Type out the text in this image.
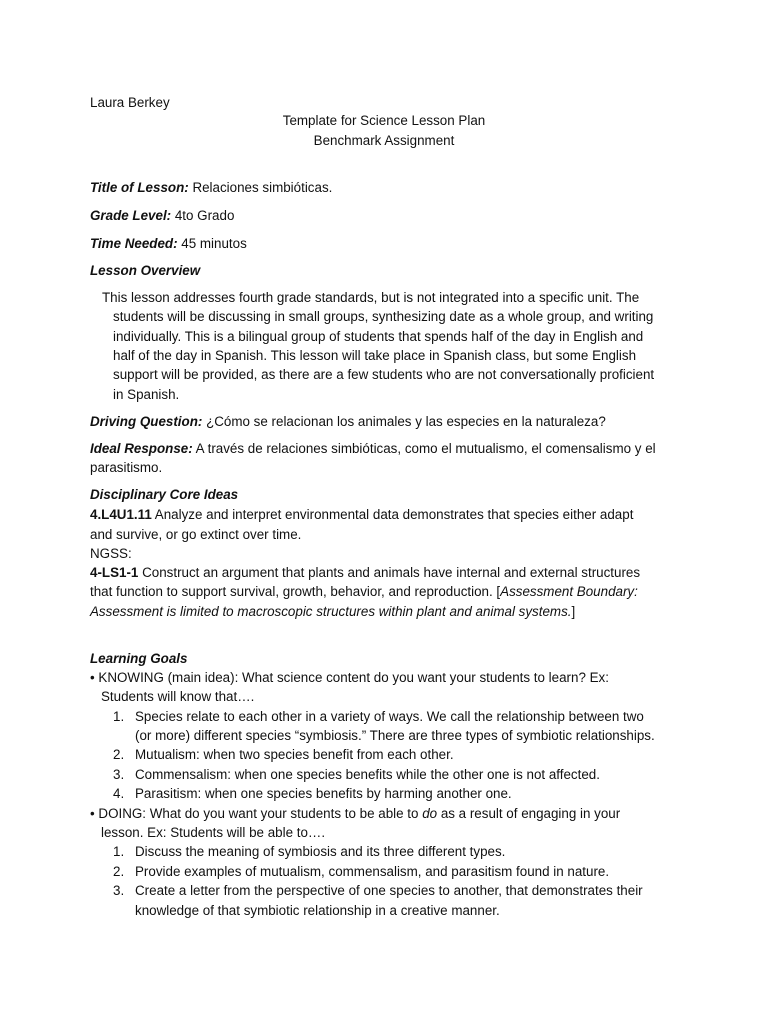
Laura Berkey
Template for Science Lesson Plan
Benchmark Assignment
Title of Lesson: Relaciones simbióticas.
Grade Level: 4to Grado
Time Needed: 45 minutos
Lesson Overview
This lesson addresses fourth grade standards, but is not integrated into a specific unit. The
students will be discussing in small groups, synthesizing date as a whole group, and writing
individually. This is a bilingual group of students that spends half of the day in English and
half of the day in Spanish. This lesson will take place in Spanish class, but some English
support will be provided, as there are a few students who are not conversationally proficient
in Spanish.
Driving Question: ¿Cómo se relacionan los animales y las especies en la naturaleza?
Ideal Response: A través de relaciones simbióticas, como el mutualismo, el comensalismo y el
parasitismo.
Disciplinary Core Ideas
4.L4U1.11 Analyze and interpret environmental data demonstrates that species either adapt
and survive, or go extinct over time.
NGSS:
4-LS1-1 Construct an argument that plants and animals have internal and external structures
that function to support survival, growth, behavior, and reproduction. [Assessment Boundary:
Assessment is limited to macroscopic structures within plant and animal systems.]
Learning Goals
• KNOWING (main idea): What science content do you want your students to learn? Ex:
Students will know that….
1. Species relate to each other in a variety of ways. We call the relationship between two
(or more) different species “symbiosis.” There are three types of symbiotic relationships.
2. Mutualism: when two species benefit from each other.
3. Commensalism: when one species benefits while the other one is not affected.
4. Parasitism: when one species benefits by harming another one.
• DOING: What do you want your students to be able to do as a result of engaging in your
lesson. Ex: Students will be able to….
1. Discuss the meaning of symbiosis and its three different types.
2. Provide examples of mutualism, commensalism, and parasitism found in nature.
3. Create a letter from the perspective of one species to another, that demonstrates their
knowledge of that symbiotic relationship in a creative manner.
